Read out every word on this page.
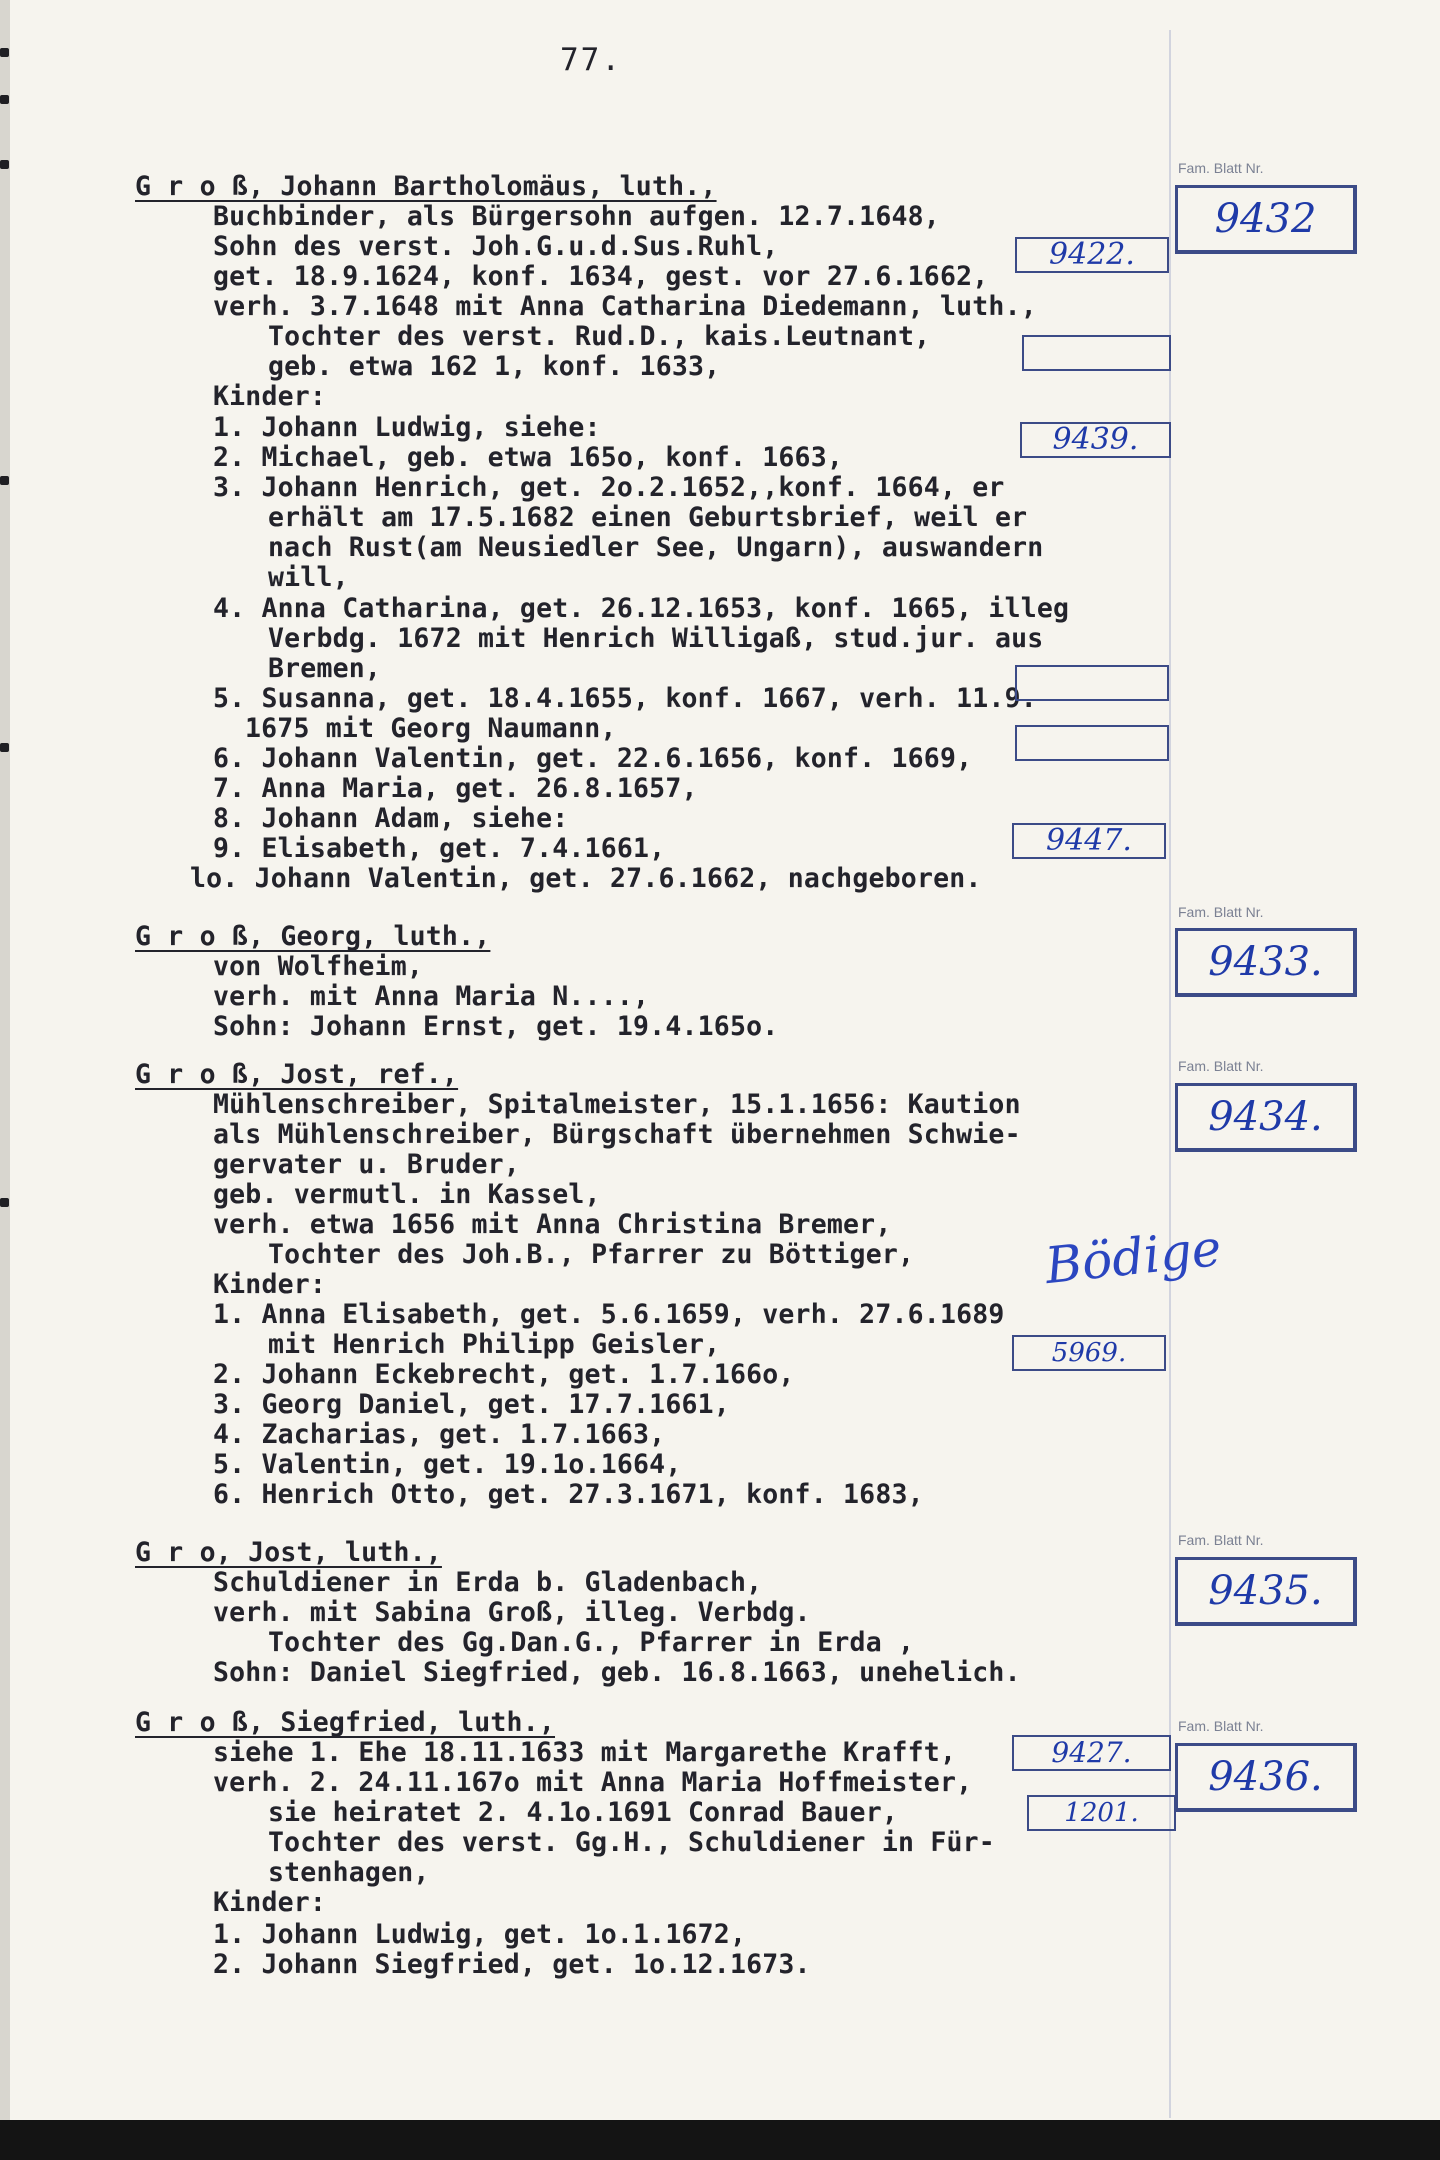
77.
G r o ß, Johann Bartholomäus, luth.,
Buchbinder, als Bürgersohn aufgen. 12.7.1648,
Sohn des verst. Joh.G.u.d.Sus.Ruhl,
get. 18.9.1624, konf. 1634, gest. vor 27.6.1662,
verh. 3.7.1648 mit Anna Catharina Diedemann, luth.,
Tochter des verst. Rud.D., kais.Leutnant,
geb. etwa 162 1, konf. 1633,
Kinder:
1. Johann Ludwig, siehe:
2. Michael, geb. etwa 165o, konf. 1663,
3. Johann Henrich, get. 2o.2.1652,,konf. 1664, er
erhält am 17.5.1682 einen Geburtsbrief, weil er
nach Rust(am Neusiedler See, Ungarn), auswandern
will,
4. Anna Catharina, get. 26.12.1653, konf. 1665, illeg
Verbdg. 1672 mit Henrich Willigaß, stud.jur. aus
Bremen,
5. Susanna, get. 18.4.1655, konf. 1667, verh. 11.9.
1675 mit Georg Naumann,
6. Johann Valentin, get. 22.6.1656, konf. 1669,
7. Anna Maria, get. 26.8.1657,
8. Johann Adam, siehe:
9. Elisabeth, get. 7.4.1661,
lo. Johann Valentin, get. 27.6.1662, nachgeboren.
G r o ß, Georg, luth.,
von Wolfheim,
verh. mit Anna Maria N....,
Sohn: Johann Ernst, get. 19.4.165o.
G r o ß, Jost, ref.,
Mühlenschreiber, Spitalmeister, 15.1.1656: Kaution
als Mühlenschreiber, Bürgschaft übernehmen Schwie-
gervater u. Bruder,
geb. vermutl. in Kassel,
verh. etwa 1656 mit Anna Christina Bremer,
Tochter des Joh.B., Pfarrer zu Böttiger,
Kinder:
1. Anna Elisabeth, get. 5.6.1659, verh. 27.6.1689
mit Henrich Philipp Geisler,
2. Johann Eckebrecht, get. 1.7.166o,
3. Georg Daniel, get. 17.7.1661,
4. Zacharias, get. 1.7.1663,
5. Valentin, get. 19.1o.1664,
6. Henrich Otto, get. 27.3.1671, konf. 1683,
G r o, Jost, luth.,
Schuldiener in Erda b. Gladenbach,
verh. mit Sabina Groß, illeg. Verbdg.
Tochter des Gg.Dan.G., Pfarrer in Erda ,
Sohn: Daniel Siegfried, geb. 16.8.1663, unehelich.
G r o ß, Siegfried, luth.,
siehe 1. Ehe 18.11.1633 mit Margarethe Krafft,
verh. 2. 24.11.167o mit Anna Maria Hoffmeister,
sie heiratet 2. 4.1o.1691 Conrad Bauer,
Tochter des verst. Gg.H., Schuldiener in Für-
stenhagen,
Kinder:
1. Johann Ludwig, get. 1o.1.1672,
2. Johann Siegfried, get. 1o.12.1673.
9422.
9439.
9447.
5969.
9427.
1201.
Fam. Blatt Nr.
9432
Fam. Blatt Nr.
9433.
Fam. Blatt Nr.
9434.
Fam. Blatt Nr.
9435.
Fam. Blatt Nr.
9436.
Bödige
